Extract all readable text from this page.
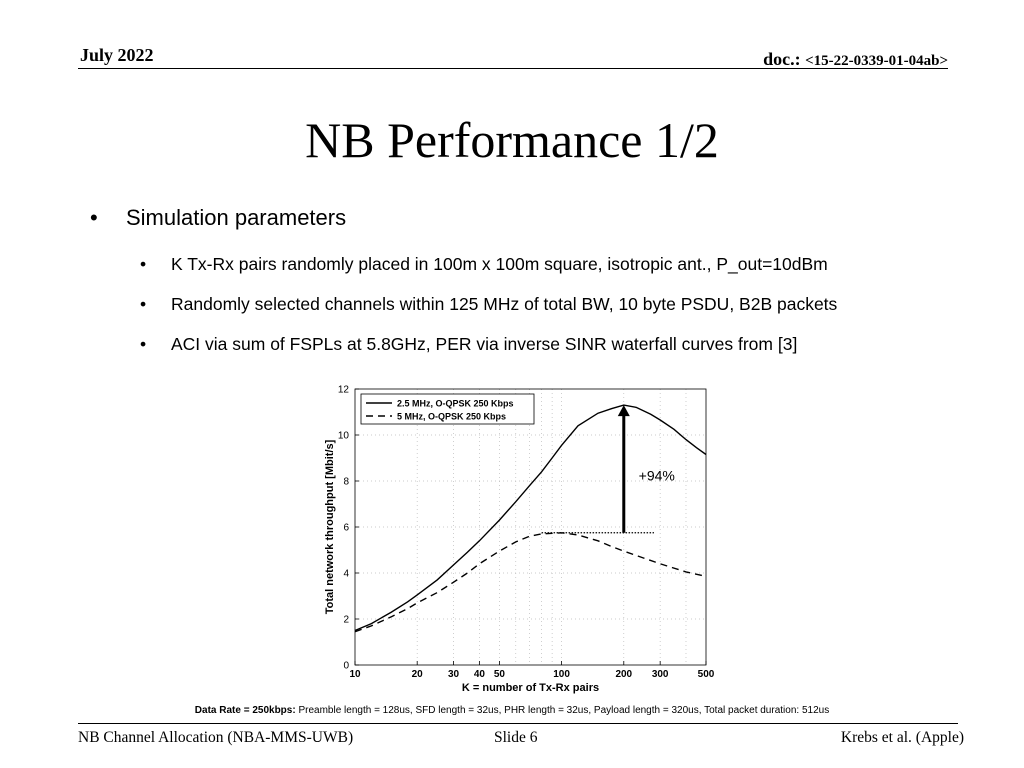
July 2022	doc.: <15-22-0339-01-04ab>
NB Performance 1/2
• Simulation parameters
• K Tx-Rx pairs randomly placed in 100m x 100m square, isotropic ant., P_out=10dBm
• Randomly selected channels within 125 MHz of total BW, 10 byte PSDU, B2B packets
• ACI via sum of FSPLs at 5.8GHz, PER via inverse SINR waterfall curves from [3]
0
2
4
6
8
10
12
10	20	30 40 50	100	200 300	500
K = number of Tx-Rx pairs
Total network throughput [Mbit/s]	+94%
2.5 MHz, O-QPSK 250 Kbps
5 MHz, O-QPSK 250 Kbps
Data Rate = 250kbps: Preamble length = 128us, SFD length = 32us, PHR length = 32us, Payload length = 320us, Total packet duration: 512us
NB Channel Allocation (NBA-MMS-UWB)	Slide 6	Krebs et al. (Apple)
